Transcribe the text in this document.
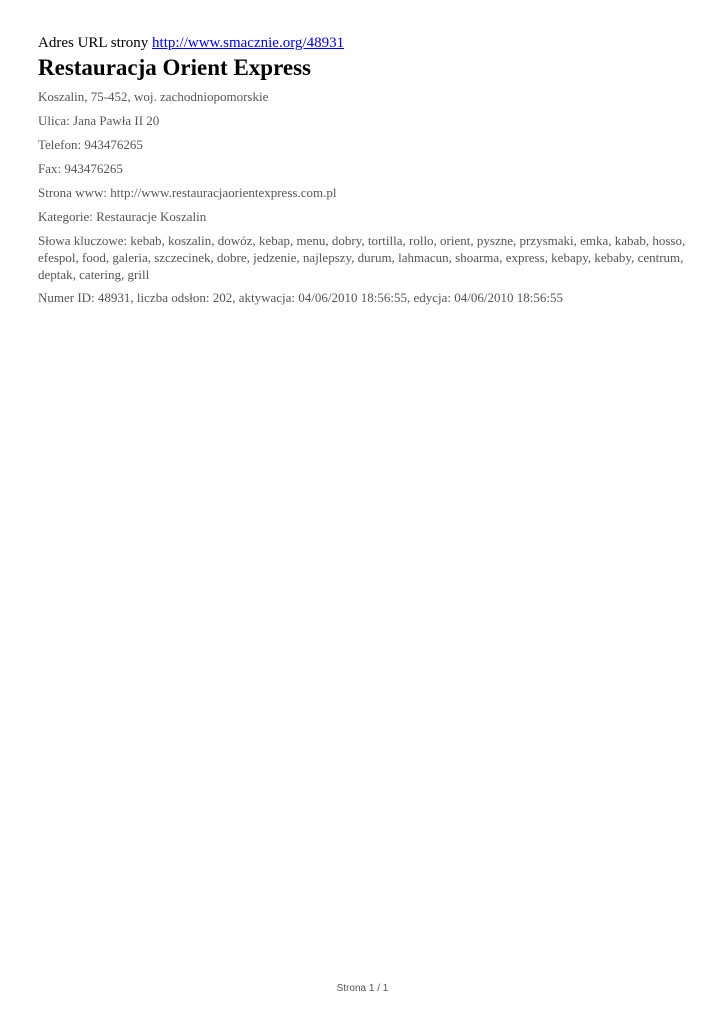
Adres URL strony http://www.smacznie.org/48931

Restauracja Orient Express

Koszalin, 75-452, woj. zachodniopomorskie

Ulica: Jana Pawła II 20

Telefon: 943476265

Fax: 943476265

Strona www: http://www.restauracjaorientexpress.com.pl

Kategorie: Restauracje Koszalin

Słowa kluczowe: kebab, koszalin, dowóz, kebap, menu, dobry, tortilla, rollo, orient, pyszne, przysmaki, emka, kabab, hosso, efespol, food, galeria, szczecinek, dobre, jedzenie, najlepszy, durum, lahmacun, shoarma, express, kebapy, kebaby, centrum, deptak, catering, grill

Numer ID: 48931, liczba odsłon: 202, aktywacja: 04/06/2010 18:56:55, edycja: 04/06/2010 18:56:55

Strona 1 / 1
